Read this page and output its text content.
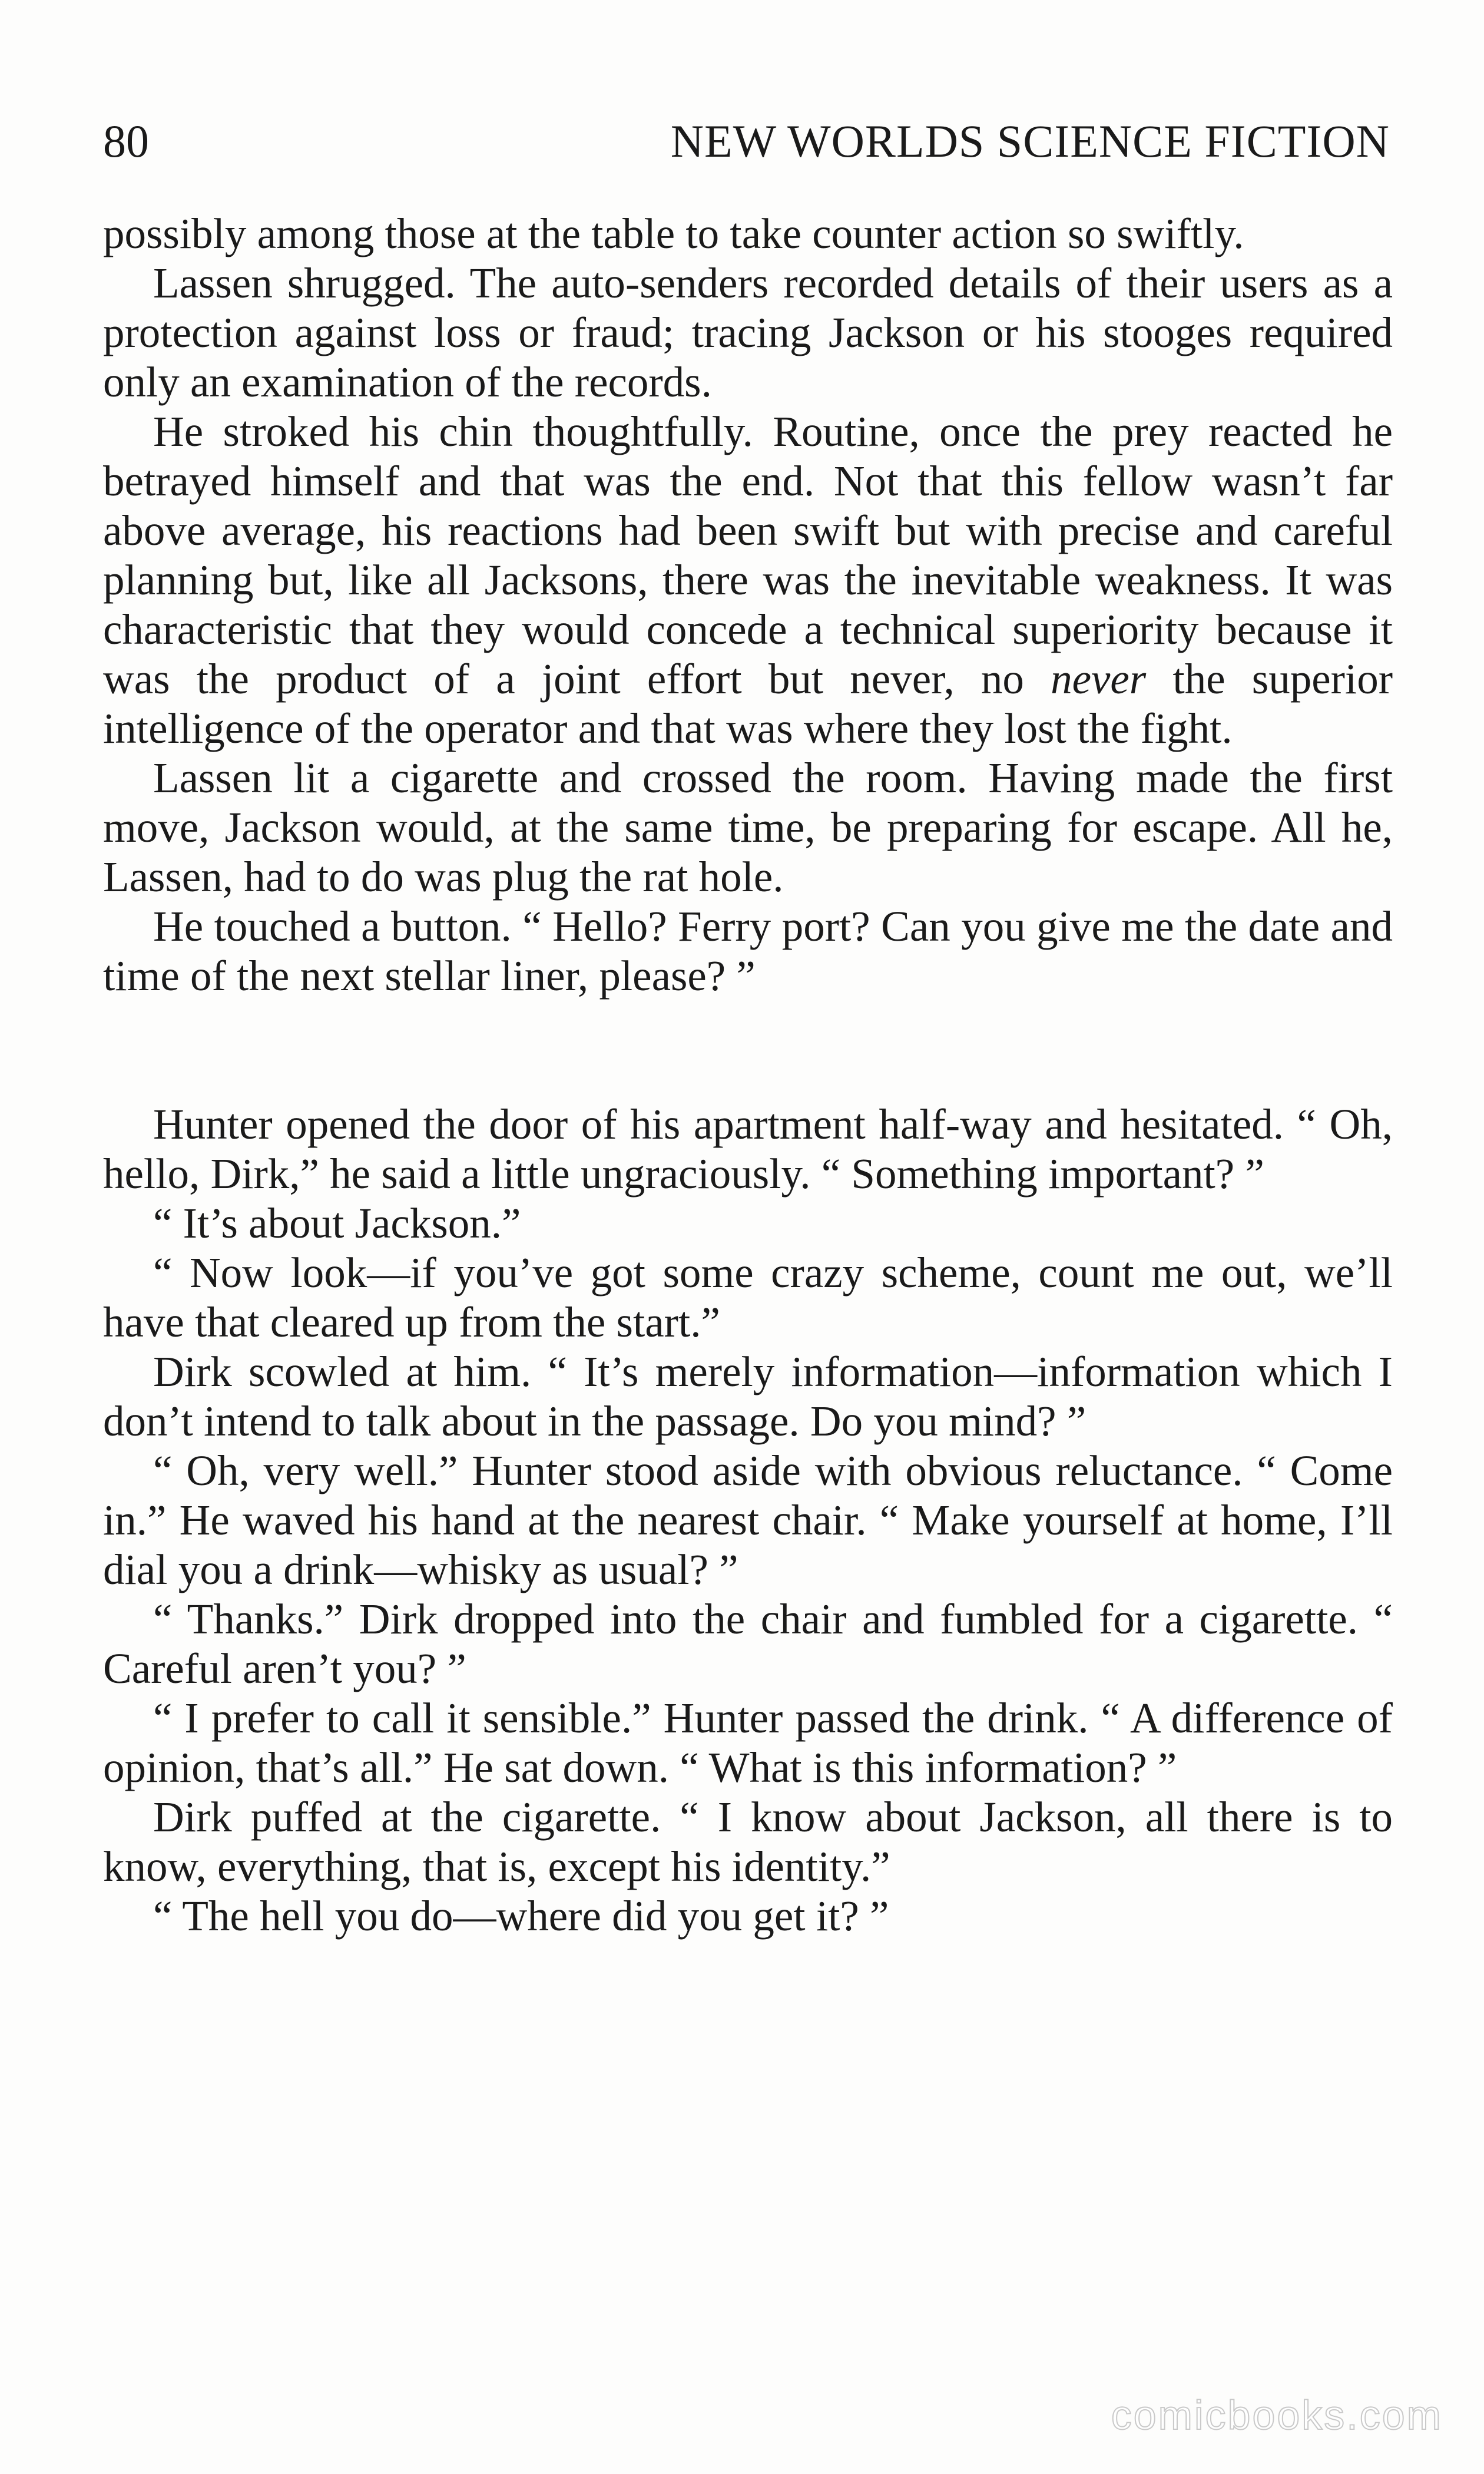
80	NEW WORLDS SCIENCE FICTION

possibly among those at the table to take counter action so swiftly.

Lassen shrugged. The auto-senders recorded details of their users as a protection against loss or fraud; tracing Jackson or his stooges required only an examination of the records.

He stroked his chin thoughtfully. Routine, once the prey reacted he betrayed himself and that was the end. Not that this fellow wasn’t far above average, his reactions had been swift but with precise and careful planning but, like all Jacksons, there was the inevitable weakness. It was characteristic that they would concede a technical superiority because it was the product of a joint effort but never, no never the superior intelligence of the operator and that was where they lost the fight.

Lassen lit a cigarette and crossed the room. Having made the first move, Jackson would, at the same time, be preparing for escape. All he, Lassen, had to do was plug the rat hole.

He touched a button. “ Hello? Ferry port? Can you give me the date and time of the next stellar liner, please? ”

Hunter opened the door of his apartment half-way and hesitated. “ Oh, hello, Dirk,” he said a little ungraciously. “ Something important? ”

“ It’s about Jackson.”

“ Now look—if you’ve got some crazy scheme, count me out, we’ll have that cleared up from the start.”

Dirk scowled at him. “ It’s merely information—information which I don’t intend to talk about in the passage. Do you mind? ”

“ Oh, very well.” Hunter stood aside with obvious reluctance. “ Come in.” He waved his hand at the nearest chair. “ Make yourself at home, I’ll dial you a drink—whisky as usual? ”

“ Thanks.” Dirk dropped into the chair and fumbled for a cigarette. “ Careful aren’t you? ”

“ I prefer to call it sensible.” Hunter passed the drink. “ A difference of opinion, that’s all.” He sat down. “ What is this information? ”

Dirk puffed at the cigarette. “ I know about Jackson, all there is to know, everything, that is, except his identity.”

“ The hell you do—where did you get it? ”

comicbooks.com
